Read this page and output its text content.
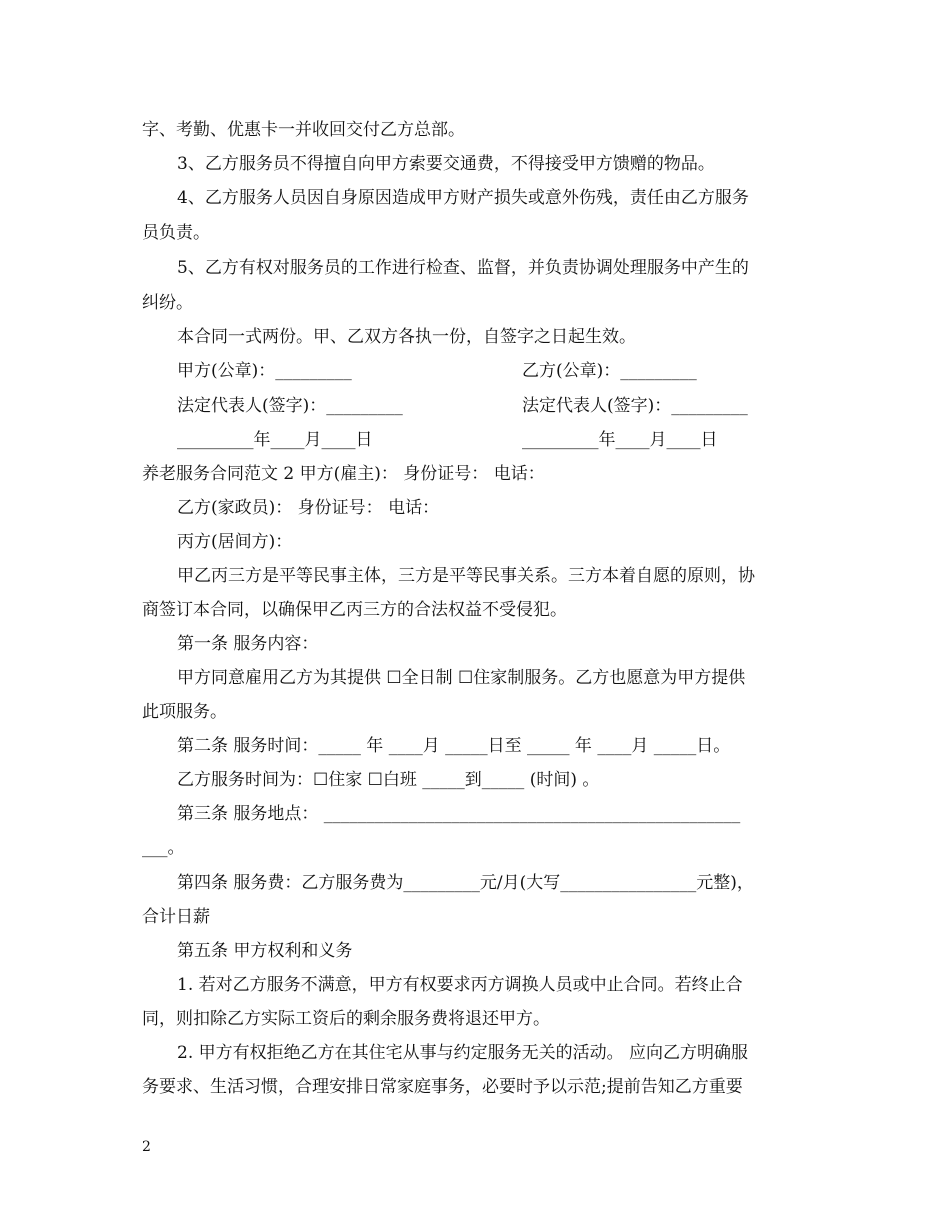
字、考勤、优惠卡一并收回交付乙方总部。
3、乙方服务员不得擅自向甲方索要交通费，不得接受甲方馈赠的物品。
4、乙方服务人员因自身原因造成甲方财产损失或意外伤残，责任由乙方服务
员负责。
5、乙方有权对服务员的工作进行检查、监督，并负责协调处理服务中产生的
纠纷。
本合同一式两份。甲、乙双方各执一份，自签字之日起生效。
甲方(公章)：_________	乙方(公章)：_________
法定代表人(签字)：_________	法定代表人(签字)：_________
_________年____月____日	_________年____月____日
养老服务合同范文 2 甲方(雇主)： 身份证号： 电话：
乙方(家政员)： 身份证号： 电话：
丙方(居间方)：
甲乙丙三方是平等民事主体，三方是平等民事关系。三方本着自愿的原则，协
商签订本合同，以确保甲乙丙三方的合法权益不受侵犯。
第一条 服务内容：
甲方同意雇用乙方为其提供 ☐全日制 ☐住家制服务。乙方也愿意为甲方提供
此项服务。
第二条 服务时间：_____ 年 ____月 _____日至 _____ 年 ____月 _____日。
乙方服务时间为：☐住家 ☐白班 _____到_____ (时间) 。
第三条 服务地点： _________________________________________________
___。
第四条 服务费：乙方服务费为_________元/月(大写________________元整)，
合计日薪
第五条 甲方权利和义务
1. 若对乙方服务不满意，甲方有权要求丙方调换人员或中止合同。若终止合
同，则扣除乙方实际工资后的剩余服务费将退还甲方。
2. 甲方有权拒绝乙方在其住宅从事与约定服务无关的活动。 应向乙方明确服
务要求、生活习惯，合理安排日常家庭事务，必要时予以示范;提前告知乙方重要
2
